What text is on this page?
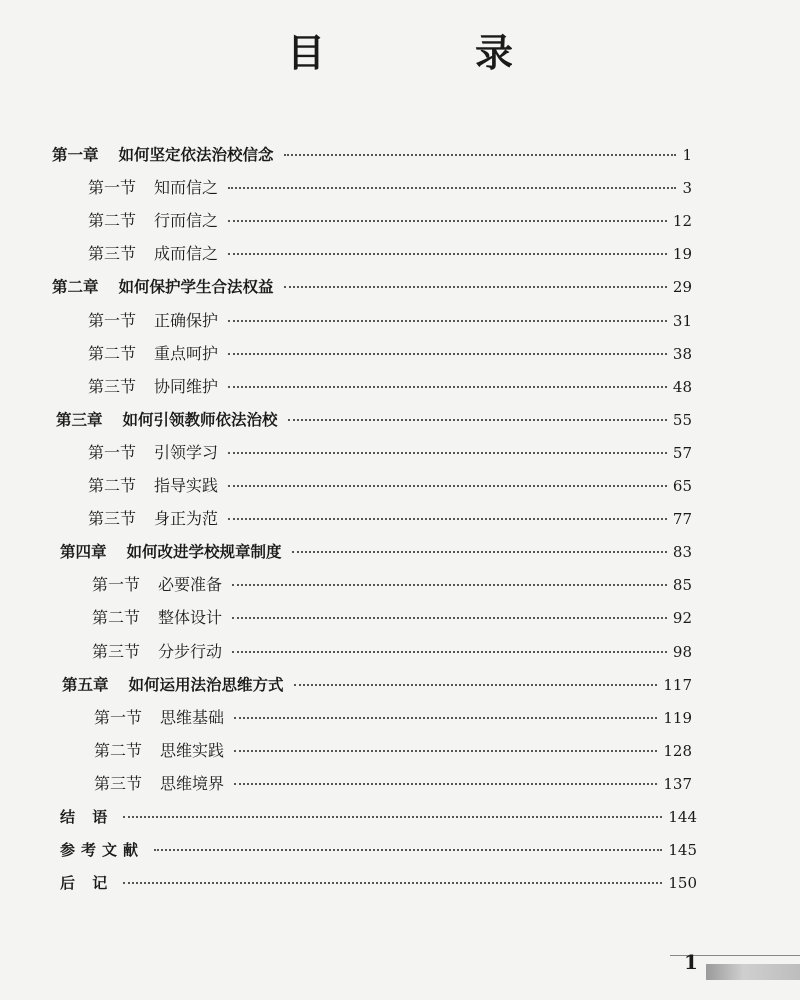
目　录
第一章 如何坚定依法治校信念	1
第一节 知而信之	3
第二节 行而信之	12
第三节 成而信之	19
第二章 如何保护学生合法权益	29
第一节 正确保护	31
第二节 重点呵护	38
第三节 协同维护	48
第三章 如何引领教师依法治校	55
第一节 引领学习	57
第二节 指导实践	65
第三节 身正为范	77
第四章 如何改进学校规章制度	83
第一节 必要准备	85
第二节 整体设计	92
第三节 分步行动	98
第五章 如何运用法治思维方式	117
第一节 思维基础	119
第二节 思维实践	128
第三节 思维境界	137
结 语	144
参考文献	145
后 记	150
1
